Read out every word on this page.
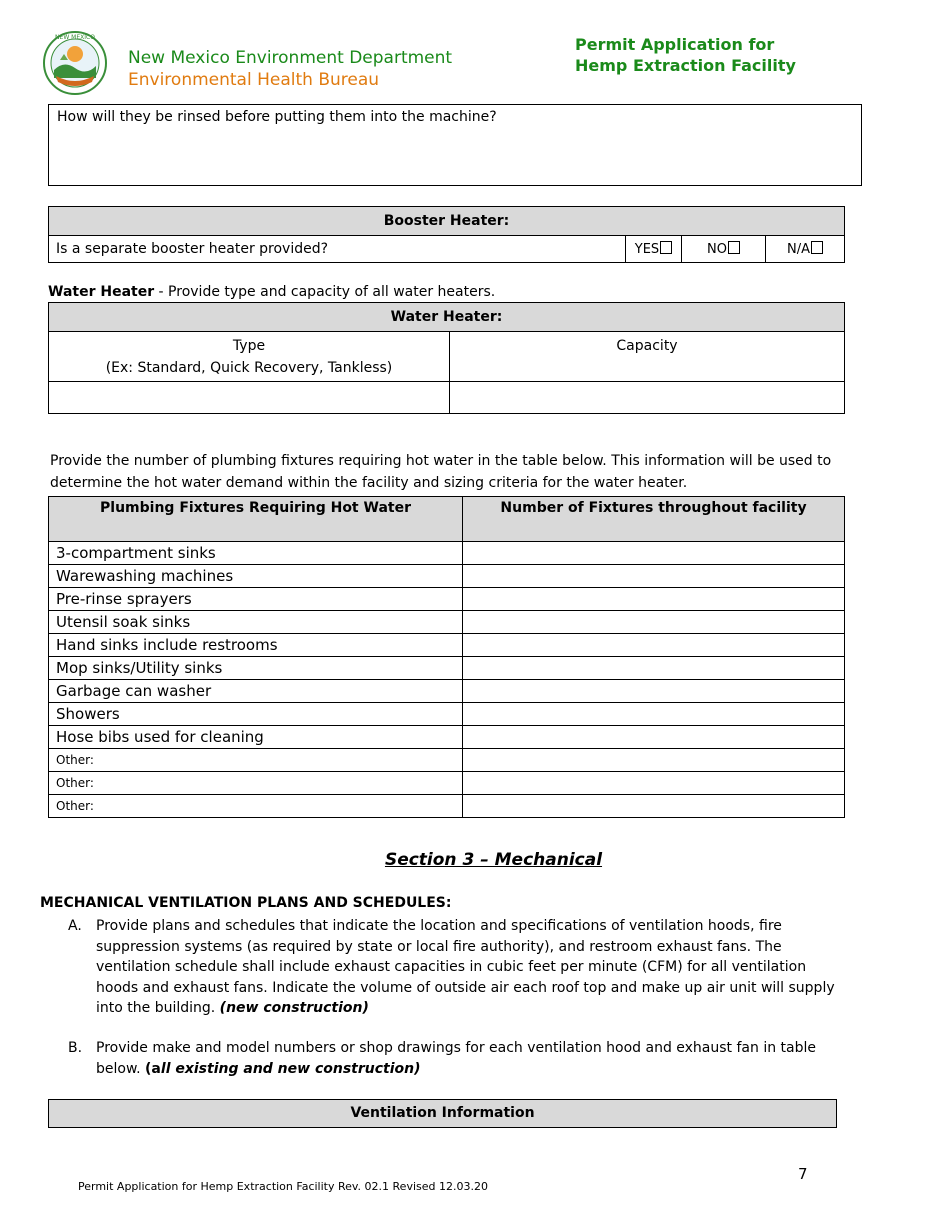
NEW MEXICO
New Mexico Environment Department
Environmental Health Bureau
Permit Application for
Hemp Extraction Facility
How will they be rinsed before putting them into the machine?
Booster Heater:
Is a separate booster heater provided?	YES	NO	N/A
Water Heater - Provide type and capacity of all water heaters.
Water Heater:	

Type
(Ex: Standard, Quick Recovery, Tankless)	Capacity

Provide the number of plumbing fixtures requiring hot water in the table below. This information will be used to determine the hot water demand within the facility and sizing criteria for the water heater.
Plumbing Fixtures Requiring Hot Water	Number of Fixtures throughout facility
3-compartment sinks	
Warewashing machines	
Pre-rinse sprayers	
Utensil soak sinks	
Hand sinks include restrooms	
Mop sinks/Utility sinks	
Garbage can washer	
Showers	
Hose bibs used for cleaning	
Other:	
Other:	
Other:	
Section 3 – Mechanical
MECHANICAL VENTILATION PLANS AND SCHEDULES:
A. Provide plans and schedules that indicate the location and specifications of ventilation hoods, fire suppression systems (as required by state or local fire authority), and restroom exhaust fans. The ventilation schedule shall include exhaust capacities in cubic feet per minute (CFM) for all ventilation hoods and exhaust fans. Indicate the volume of outside air each roof top and make up air unit will supply into the building. (new construction)
B. Provide make and model numbers or shop drawings for each ventilation hood and exhaust fan in table below. (all existing and new construction)
Ventilation Information
7
Permit Application for Hemp Extraction Facility Rev. 02.1 Revised 12.03.20
